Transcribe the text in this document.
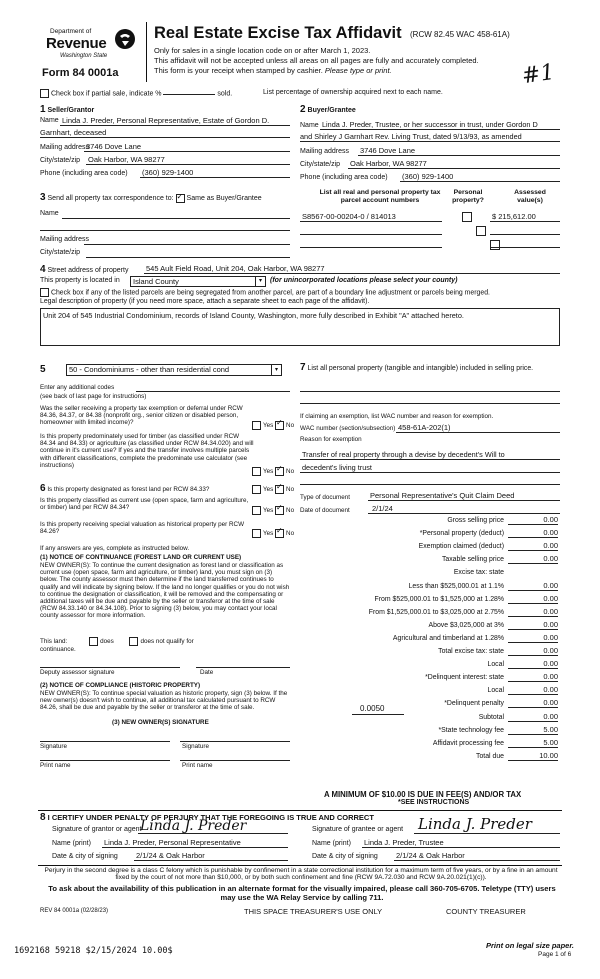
Department of
Revenue
Washington State
Form 84 0001a
Real Estate Excise Tax Affidavit (RCW 82.45 WAC 458-61A)
Only for sales in a single location code on or after March 1, 2023.
This affidavit will not be accepted unless all areas on all pages are fully and accurately completed.
This form is your receipt when stamped by cashier. Please type or print.	#1
Check box if partial sale, indicate %	sold.	List percentage of ownership acquired next to each name.
1 Seller/Grantor
Name Linda J. Preder, Personal Representative, Estate of Gordon D.
Garnhart, deceased
Mailing address
3746 Dove Lane
City/state/zip Oak Harbor, WA 98277
Phone (including area code) (360) 929-1400
2 Buyer/Grantee
Name Linda J. Preder, Trustee, or her successor in trust, under Gordon D
and Shirley J Garnhart Rev. Living Trust, dated 9/13/93, as amended
Mailing address 3746 Dove Lane
City/state/zip Oak Harbor, WA 98277
Phone (including area code) (360) 929-1400
3 Send all property tax correspondence to: ✓ Same as Buyer/Grantee
Name
Mailing address
City/state/zip
List all real and personal property tax
parcel account numbers
Personal
property?
Assessed
value(s)
S8567-00-00204-0 / 814013
	$ 215,612.00
4 Street address of property 545 Ault Field Road, Unit 204, Oak Harbor, WA 98277
This property is located in	Island County	▾	(for unincorporated locations please select your county)
Check box if any of the listed parcels are being segregated from another parcel, are part of a boundary line adjustment or parcels being merged.
Legal description of property (if you need more space, attach a separate sheet to each page of the affidavit).
Unit 204 of 545 Industrial Condominium, records of Island County, Washington, more fully described in Exhibit "A" attached hereto.
5	50 - Condominiums - other than residential cond	▾
Enter any additional codes
(see back of last page for instructions)
Was the seller receiving a property tax exemption or deferral under RCW 84.36, 84.37, or 84.38 (nonprofit org., senior citizen or disabled person, homeowner with limited income)?	Yes ✓ No
Is this property predominately used for timber (as classified under RCW 84.34 and 84.33) or agriculture (as classified under RCW 84.34.020) and will continue in it's current use? If yes and the transfer involves multiple parcels with different classifications, complete the predominate use calculator (see instructions)
Yes ✓ No
6 Is this property designated as forest land per RCW 84.33?	Yes ✓ No
Is this property classified as current use (open space, farm and agriculture, or timber) land per RCW 84.34?	Yes ✓ No
Is this property receiving special valuation as historical property per RCW 84.26?	Yes ✓ No
If any answers are yes, complete as instructed below.
(1) NOTICE OF CONTINUANCE (FOREST LAND OR CURRENT USE)
NEW OWNER(S): To continue the current designation as forest land or classification as current use (open space, farm and agriculture, or timber) land, you must sign on (3) below. The county assessor must then determine if the land transferred continues to qualify and will indicate by signing below. If the land no longer qualifies or you do not wish to continue the designation or classification, it will be removed and the compensating or additional taxes will be due and payable by the seller or transferor at the time of sale (RCW 84.33.140 or 84.34.108). Prior to signing (3) below, you may contact your local county assessor for more information.
This land:	does	does not qualify for
continuance.
Deputy assessor signature	Date
(2) NOTICE OF COMPLIANCE (HISTORIC PROPERTY)
NEW OWNER(S): To continue special valuation as historic property, sign (3) below. If the new owner(s) doesn't wish to continue, all additional tax calculated pursuant to RCW 84.26, shall be due and payable by the seller or transferor at the time of sale.
(3) NEW OWNER(S) SIGNATURE
Signature	Signature
Print name	Print name
7 List all personal property (tangible and intangible) included in selling price.
If claiming an exemption, list WAC number and reason for exemption.
WAC number (section/subsection) 458-61A-202(1)
Reason for exemption
Transfer of real property through a devise by decedent's Will to
decedent's living trust
Type of document	Personal Representative's Quit Claim Deed
Date of document	2/1/24
Gross selling price	0.00
*Personal property (deduct)	0.00
Exemption claimed (deduct)	0.00
Taxable selling price	0.00
Excise tax: state
Less than $525,000.01 at 1.1%	0.00
From $525,000.01 to $1,525,000 at 1.28%	0.00
From $1,525,000.01 to $3,025,000 at 2.75%	0.00
Above $3,025,000 at 3%	0.00
Agricultural and timberland at 1.28%	0.00
Total excise tax: state	0.00
Local	0.00
*Delinquent interest: state	0.00
Local	0.00
*Delinquent penalty	0.00
Subtotal	0.00
*State technology fee	5.00
Affidavit processing fee	5.00
Total due	10.00
0.0050
A MINIMUM OF $10.00 IS DUE IN FEE(S) AND/OR TAX
*SEE INSTRUCTIONS
8 I CERTIFY UNDER PENALTY OF PERJURY THAT THE FOREGOING IS TRUE AND CORRECT
Signature of grantor or agent
Linda J. Preder
Name (print) Linda J. Preder, Personal Representative
Date & city of signing 2/1/24 & Oak Harbor
Signature of grantee or agent Linda J. Preder
Name (print) Linda J. Preder, Trustee
Date & city of signing 2/1/24 & Oak Harbor
Perjury in the second degree is a class C felony which is punishable by confinement in a state correctional institution for a maximum term of five years, or by a fine in an amount fixed by the court of not more than $10,000, or by both such confinement and fine (RCW 9A.72.030 and RCW 9A.20.021(1)(c)).
To ask about the availability of this publication in an alternate format for the visually impaired, please call 360-705-6705. Teletype (TTY) users may use the WA Relay Service by calling 711.
REV 84 0001a (02/28/23)	THIS SPACE TREASURER'S USE ONLY	COUNTY TREASURER
1692168 59218 $2/15/2024 10.00$
Print on legal size paper.
Page 1 of 6
